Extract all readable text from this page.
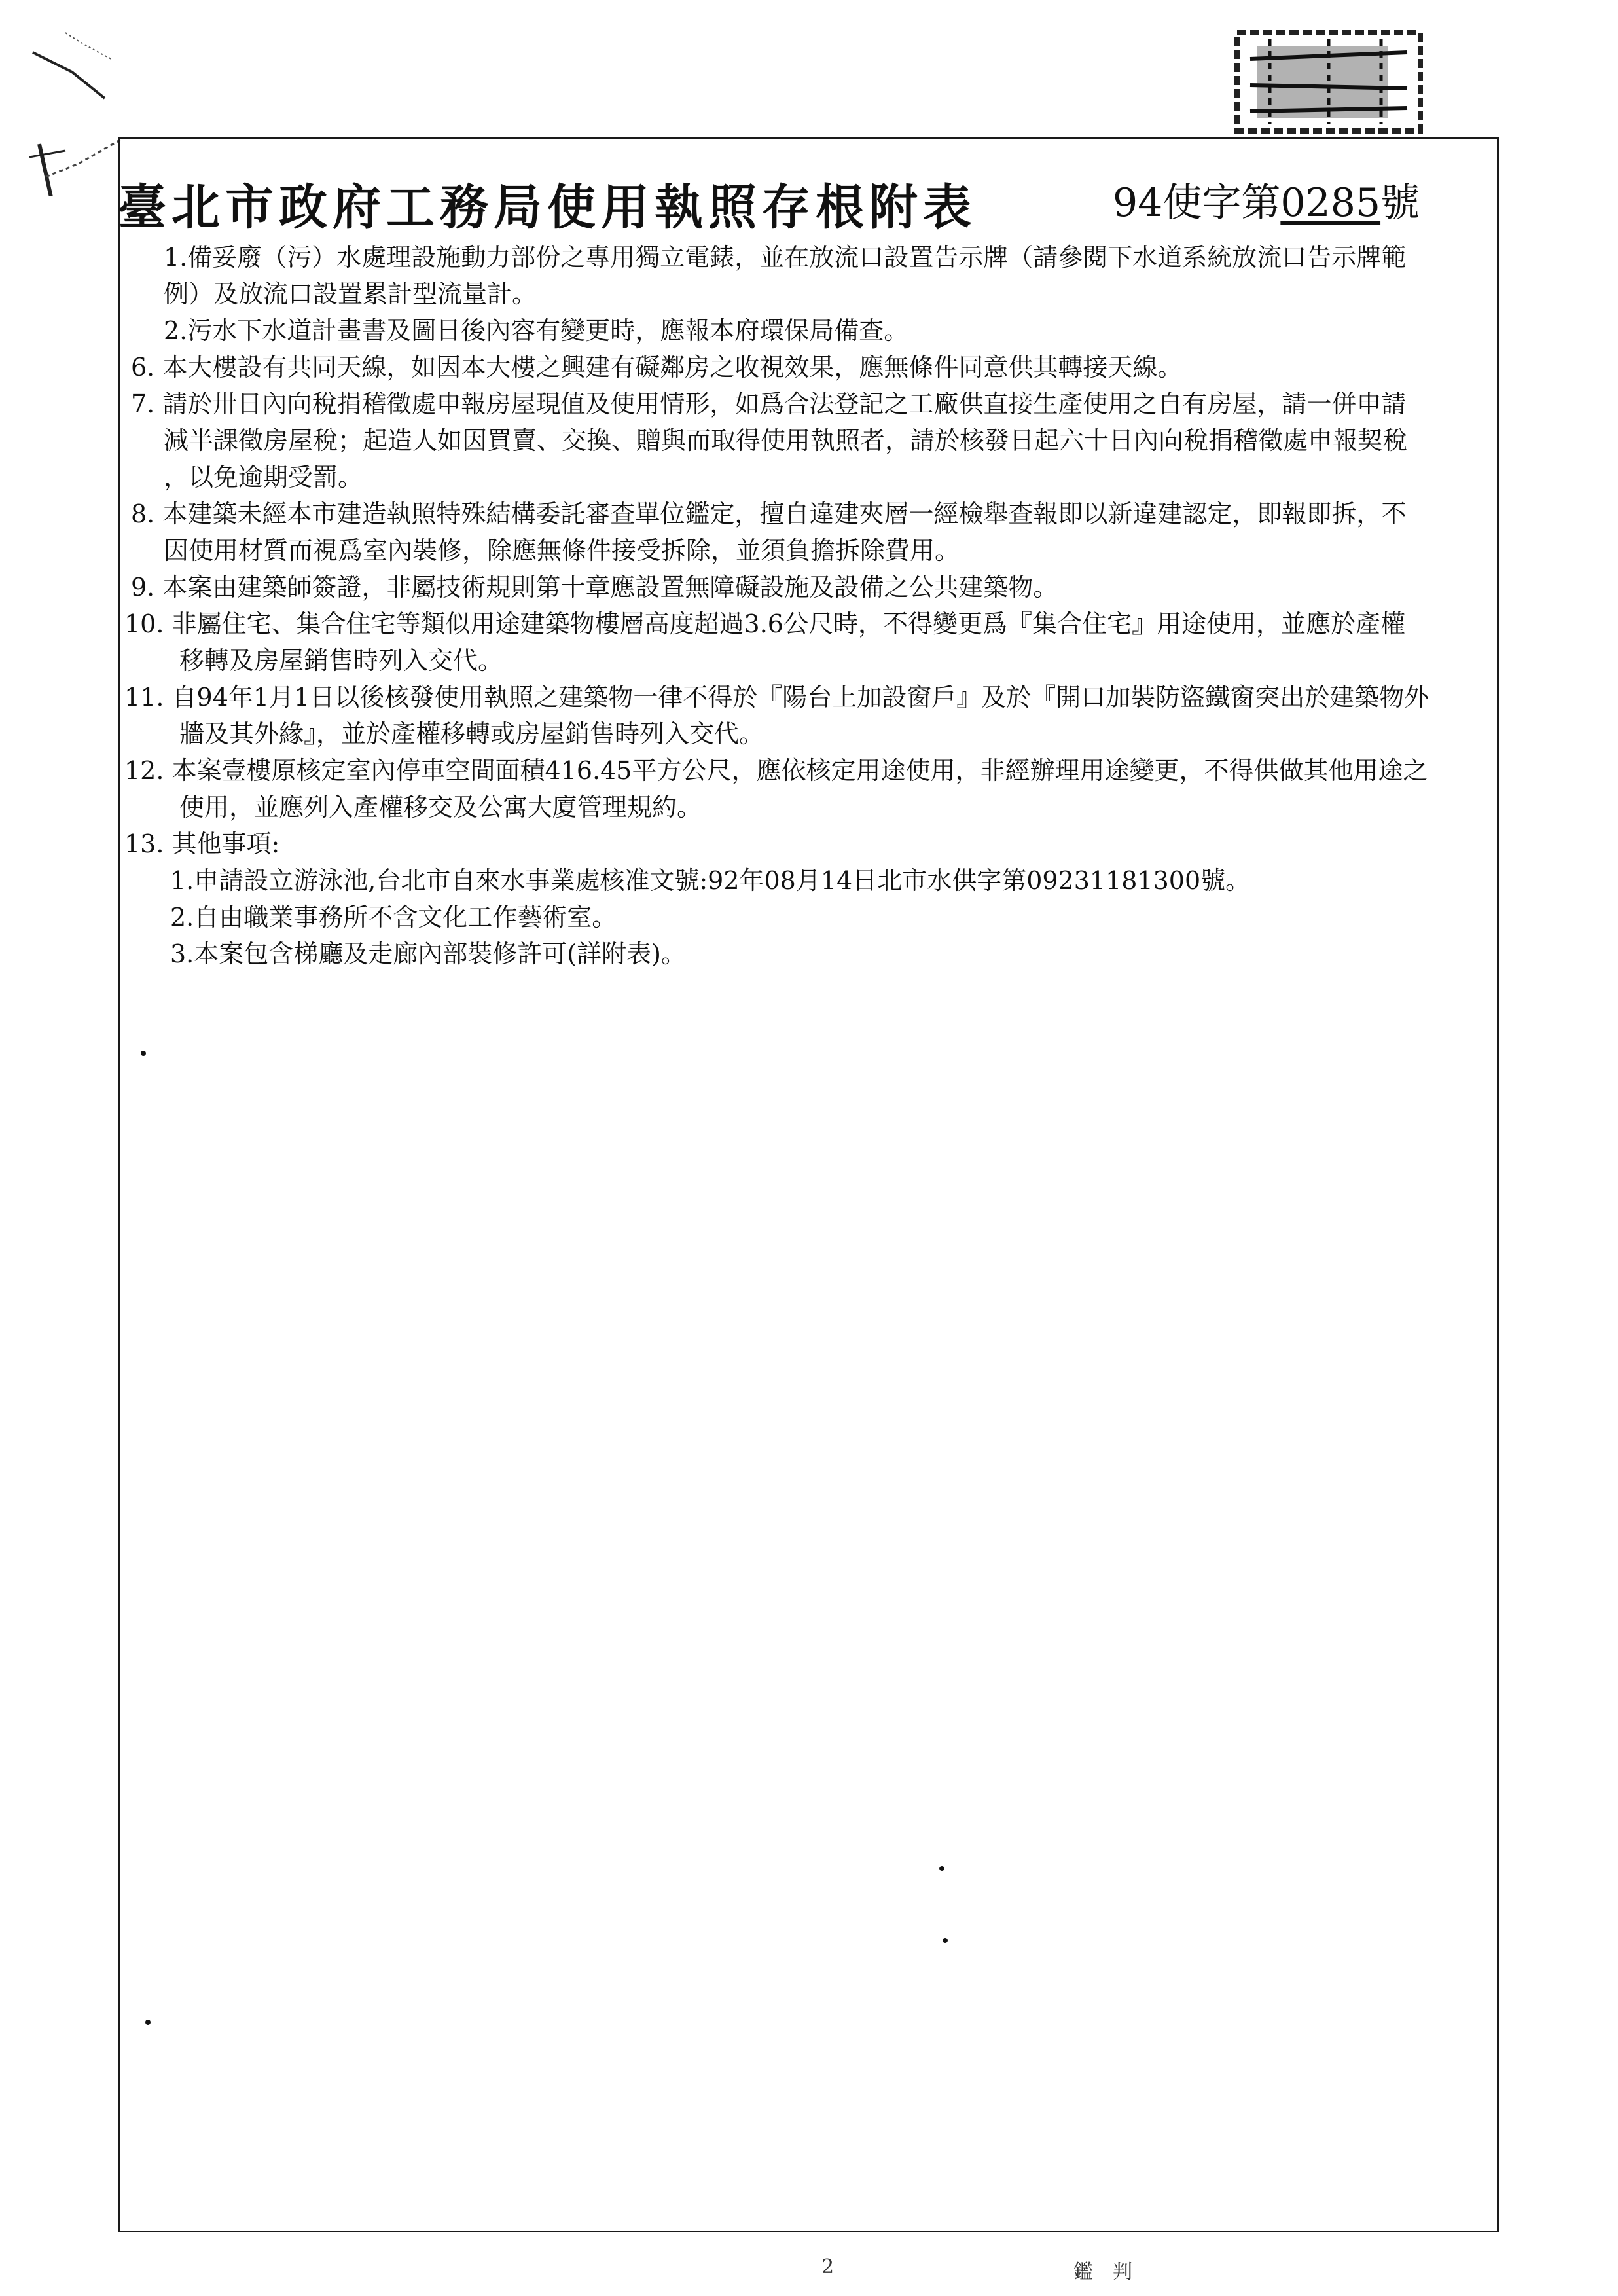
臺北市政府工務局使用執照存根附表	94使字第0285號
1.備妥廢（污）水處理設施動力部份之專用獨立電錶，並在放流口設置告示牌（請參閱下水道系統放流口告示牌範
例）及放流口設置累計型流量計。
2.污水下水道計畫書及圖日後內容有變更時，應報本府環保局備查。
6. 本大樓設有共同天線，如因本大樓之興建有礙鄰房之收視效果，應無條件同意供其轉接天線。
7. 請於卅日內向稅捐稽徵處申報房屋現值及使用情形，如爲合法登記之工廠供直接生產使用之自有房屋，請一併申請
減半課徵房屋稅；起造人如因買賣、交換、贈與而取得使用執照者，請於核發日起六十日內向稅捐稽徵處申報契稅
，以免逾期受罰。
8. 本建築未經本市建造執照特殊結構委託審查單位鑑定，擅自違建夾層一經檢舉查報即以新違建認定，即報即拆，不
因使用材質而視爲室內裝修，除應無條件接受拆除，並須負擔拆除費用。
9. 本案由建築師簽證，非屬技術規則第十章應設置無障礙設施及設備之公共建築物。
10. 非屬住宅、集合住宅等類似用途建築物樓層高度超過3.6公尺時，不得變更爲『集合住宅』用途使用，並應於產權
移轉及房屋銷售時列入交代。
11. 自94年1月1日以後核發使用執照之建築物一律不得於『陽台上加設窗戶』及於『開口加裝防盜鐵窗突出於建築物外
牆及其外緣』，並於產權移轉或房屋銷售時列入交代。
12. 本案壹樓原核定室內停車空間面積416.45平方公尺，應依核定用途使用，非經辦理用途變更，不得供做其他用途之
使用，並應列入產權移交及公寓大廈管理規約。
13. 其他事項:
1.申請設立游泳池,台北市自來水事業處核准文號:92年08月14日北市水供字第09231181300號。
2.自由職業事務所不含文化工作藝術室。
3.本案包含梯廳及走廊內部裝修許可(詳附表)。
2	鑑　判
